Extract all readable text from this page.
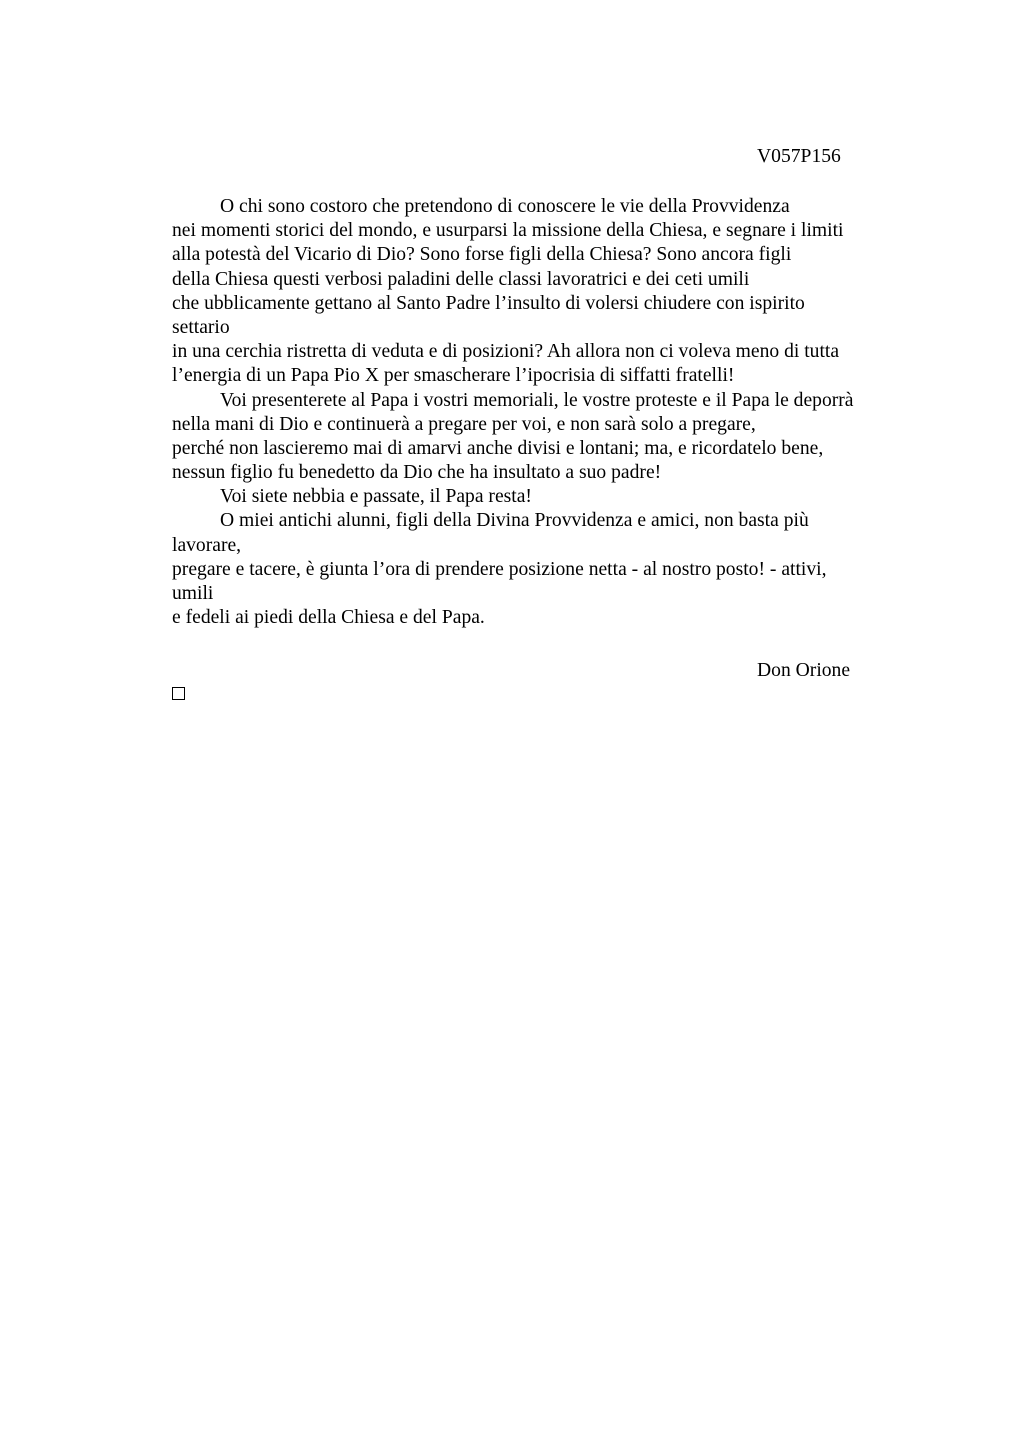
V057P156
O chi sono costoro che pretendono di conoscere le vie della Provvidenza
nei momenti storici del mondo, e usurparsi la missione della Chiesa, e segnare i limiti
alla potestà del Vicario di Dio? Sono forse figli della Chiesa? Sono ancora figli
della Chiesa questi verbosi paladini delle classi lavoratrici e dei ceti umili
che ubblicamente gettano al Santo Padre l’insulto di volersi chiudere con ispirito
settario
in una cerchia ristretta di veduta e di posizioni? Ah allora non ci voleva meno di tutta
l’energia di un Papa Pio X per smascherare l’ipocrisia di siffatti fratelli!
Voi presenterete al Papa i vostri memoriali, le vostre proteste e il Papa le deporrà
nella mani di Dio e continuerà a pregare per voi, e non sarà solo a pregare,
perché non lascieremo mai di amarvi anche divisi e lontani; ma, e ricordatelo bene,
nessun figlio fu benedetto da Dio che ha insultato a suo padre!
Voi siete nebbia e passate, il Papa resta!
O miei antichi alunni, figli della Divina Provvidenza e amici, non basta più
lavorare,
pregare e tacere, è giunta l’ora di prendere posizione netta - al nostro posto! - attivi,
umili
e fedeli ai piedi della Chiesa e del Papa.
Don Orione
